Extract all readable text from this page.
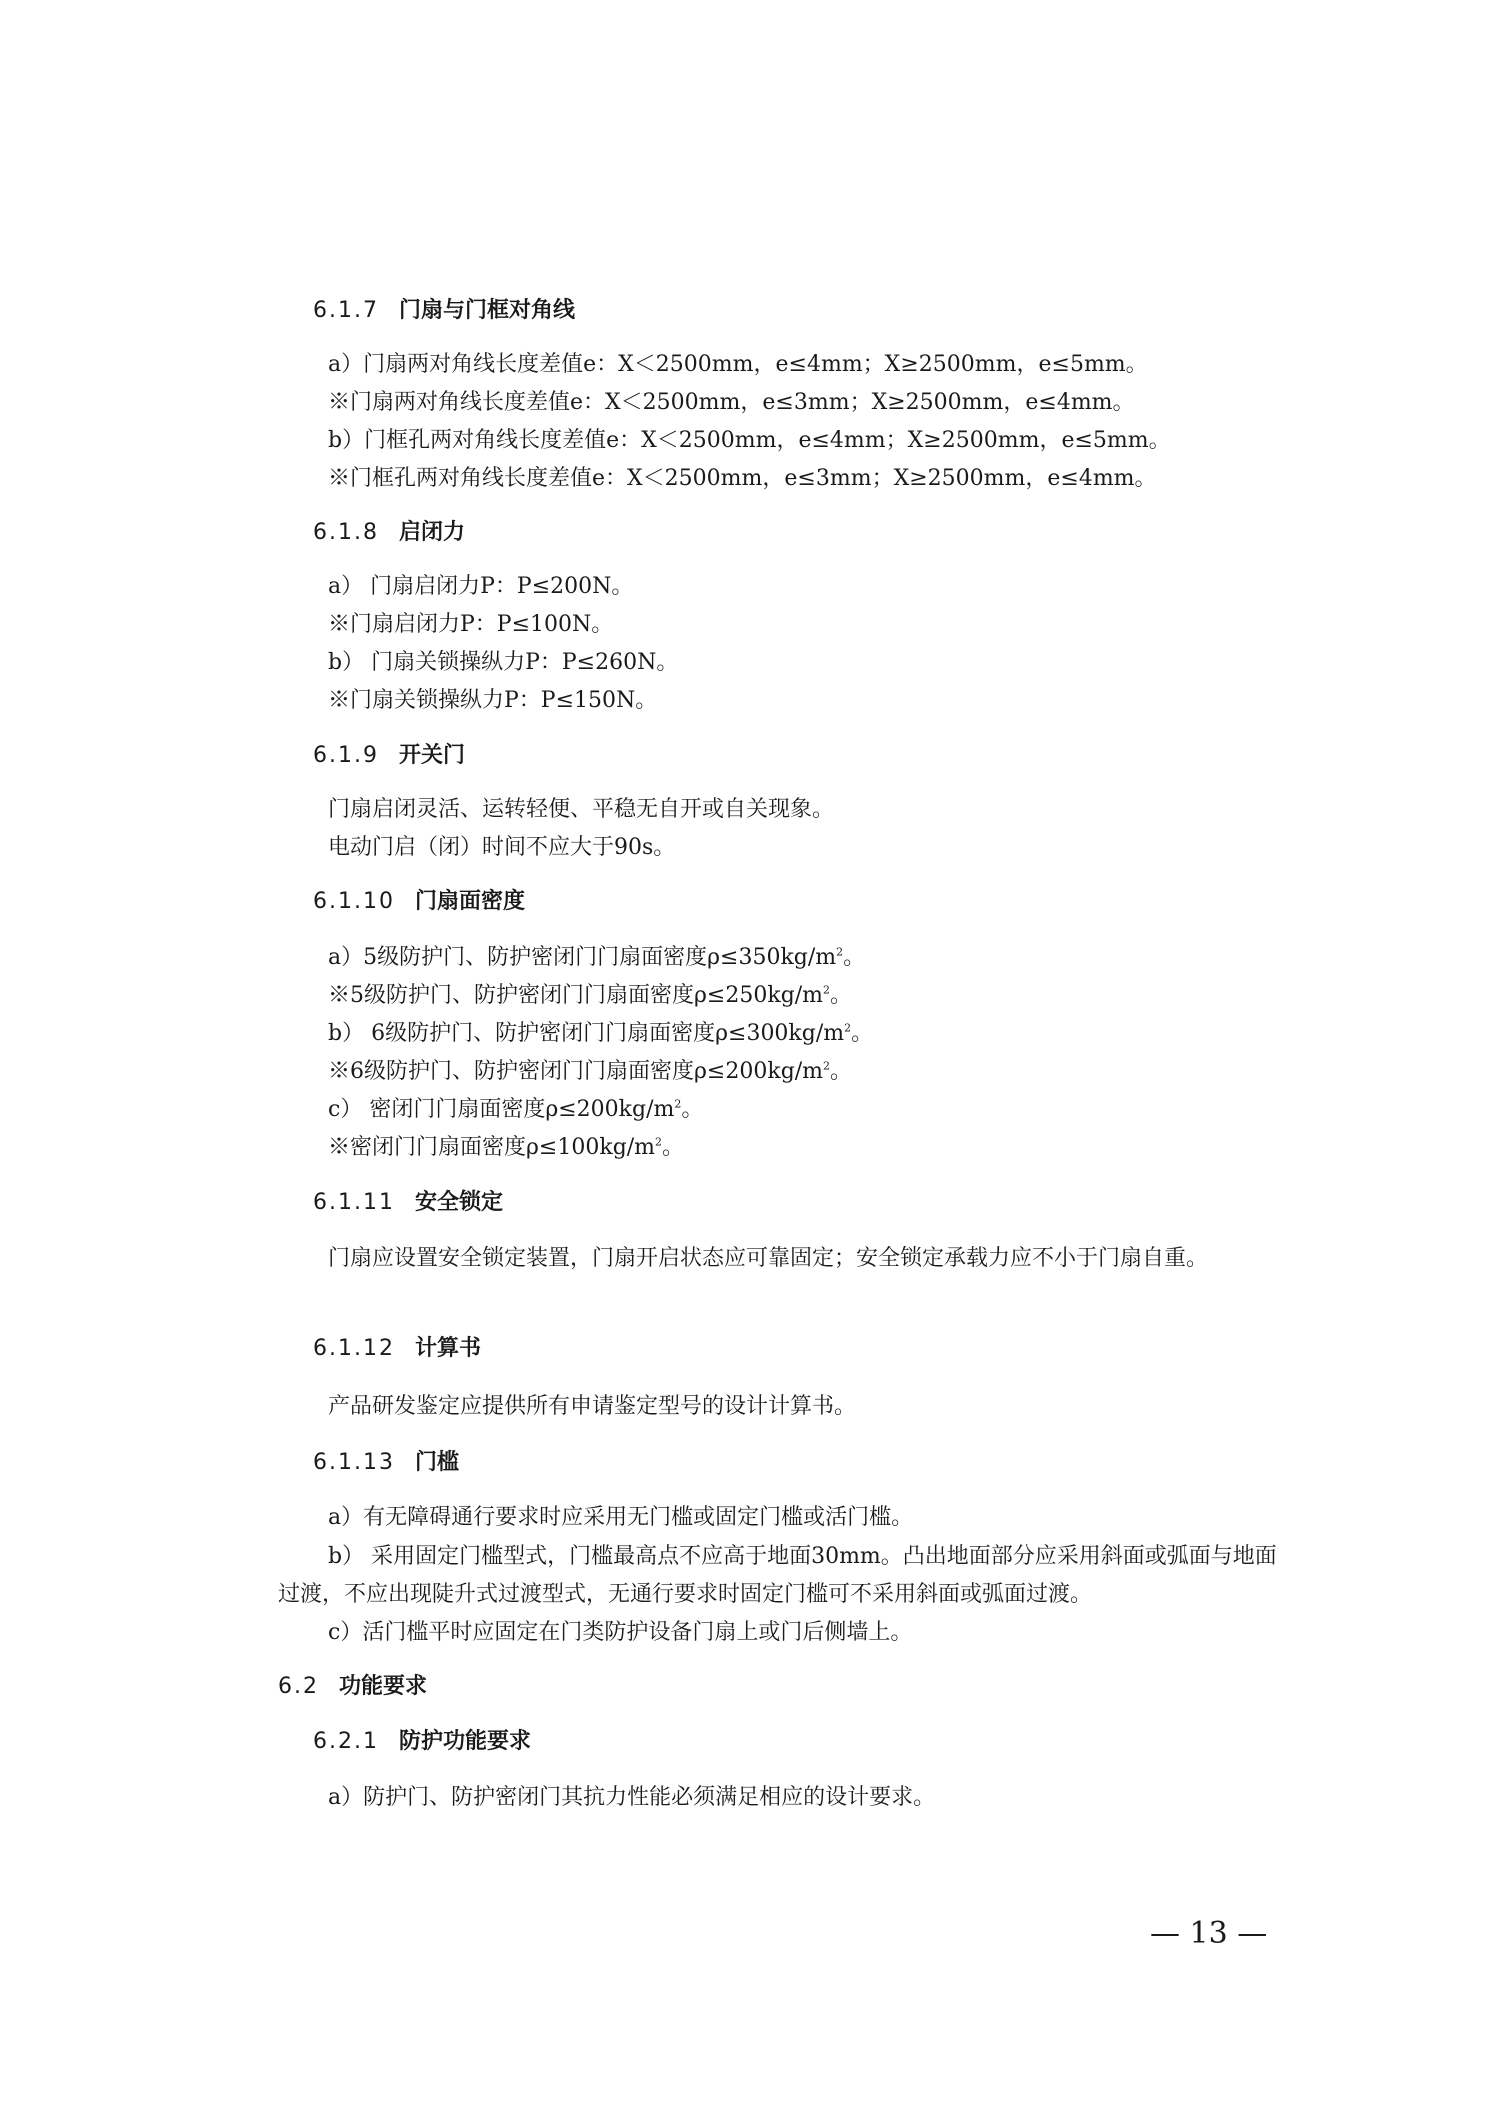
6.1.7 门扇与门框对角线
a）门扇两对角线长度差值e：X＜2500mm，e≤4mm；X≥2500mm，e≤5mm。
※门扇两对角线长度差值e：X＜2500mm，e≤3mm；X≥2500mm，e≤4mm。
b）门框孔两对角线长度差值e：X＜2500mm，e≤4mm；X≥2500mm，e≤5mm。
※门框孔两对角线长度差值e：X＜2500mm，e≤3mm；X≥2500mm，e≤4mm。
6.1.8 启闭力
a） 门扇启闭力P：P≤200N。
※门扇启闭力P：P≤100N。
b） 门扇关锁操纵力P：P≤260N。
※门扇关锁操纵力P：P≤150N。
6.1.9 开关门
门扇启闭灵活、运转轻便、平稳无自开或自关现象。
电动门启（闭）时间不应大于90s。
6.1.10 门扇面密度
a）5级防护门、防护密闭门门扇面密度$\rho\le 350kg/m^2$。
※5级防护门、防护密闭门门扇面密度$\rho\le 250kg/m^2$。
b） 6级防护门、防护密闭门门扇面密度$\rho\le 300kg/m^2$。
※6级防护门、防护密闭门门扇面密度$\rho\le 200kg/m^2$。
c） 密闭门门扇面密度$\rho\le 200kg/m^2$。
※密闭门门扇面密度$\rho\le 100kg/m^2$。
6.1.11 安全锁定
门扇应设置安全锁定装置，门扇开启状态应可靠固定；安全锁定承载力应不小于门扇自重。
6.1.12 计算书
产品研发鉴定应提供所有申请鉴定型号的设计计算书。
6.1.13 门槛
a）有无障碍通行要求时应采用无门槛或固定门槛或活门槛。
b） 采用固定门槛型式，门槛最高点不应高于地面30mm。凸出地面部分应采用斜面或弧面与地面过渡，不应出现陡升式过渡型式，无通行要求时固定门槛可不采用斜面或弧面过渡。
c）活门槛平时应固定在门类防护设备门扇上或门后侧墙上。
6.2 功能要求
6.2.1 防护功能要求
a）防护门、防护密闭门其抗力性能必须满足相应的设计要求。
— 13 —
